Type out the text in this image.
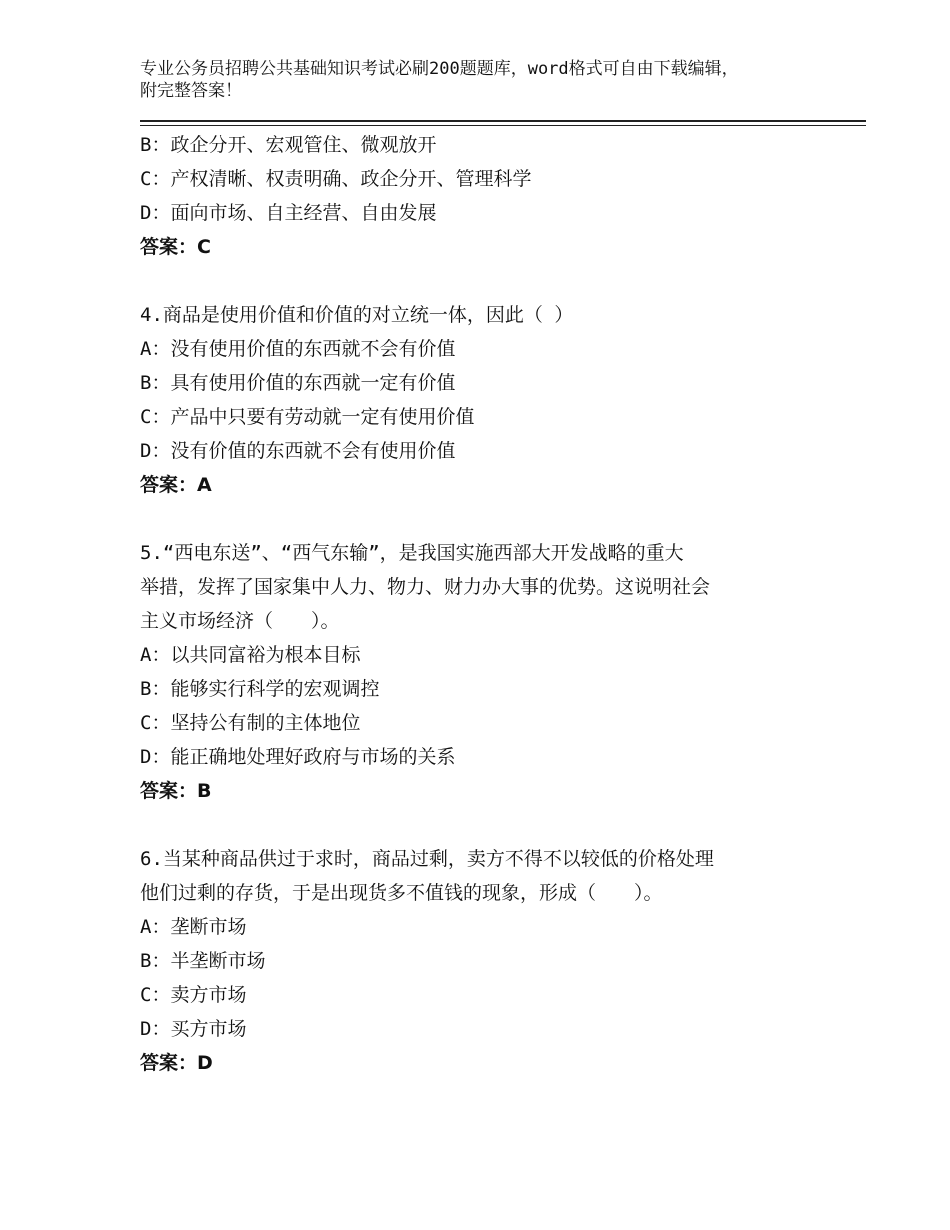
专业公务员招聘公共基础知识考试必刷200题题库，word格式可自由下载编辑，
附完整答案！
B：政企分开、宏观管住、微观放开
C：产权清晰、权责明确、政企分开、管理科学
D：面向市场、自主经营、自由发展
答案：C
4.商品是使用价值和价值的对立统一体，因此（ ）
A：没有使用价值的东西就不会有价值
B：具有使用价值的东西就一定有价值
C：产品中只要有劳动就一定有使用价值
D：没有价值的东西就不会有使用价值
答案：A
5.“西电东送”、“西气东输”，是我国实施西部大开发战略的重大
举措，发挥了国家集中人力、物力、财力办大事的优势。这说明社会
主义市场经济（　　）。
A：以共同富裕为根本目标
B：能够实行科学的宏观调控
C：坚持公有制的主体地位
D：能正确地处理好政府与市场的关系
答案：B
6.当某种商品供过于求时，商品过剩，卖方不得不以较低的价格处理
他们过剩的存货，于是出现货多不值钱的现象，形成（　　）。
A：垄断市场
B：半垄断市场
C：卖方市场
D：买方市场
答案：D
